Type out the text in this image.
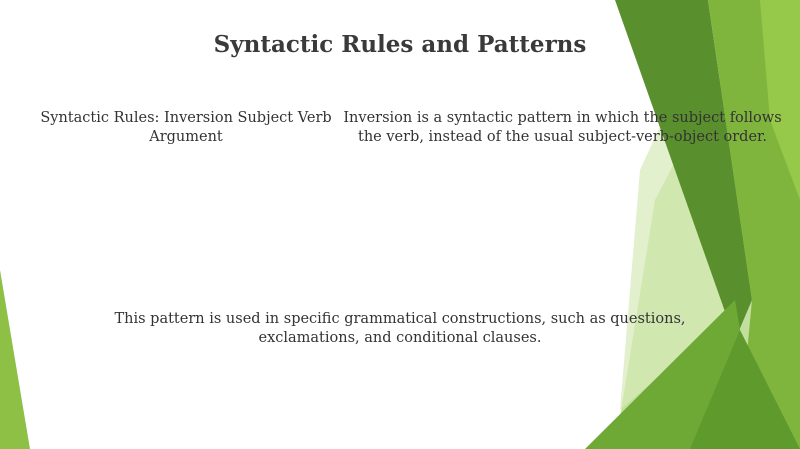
Syntactic Rules and Patterns
Syntactic Rules: Inversion Subject Verb Argument
Inversion is a syntactic pattern in which the subject follows the verb, instead of the usual subject-verb-object order.
This pattern is used in specific grammatical constructions, such as questions, exclamations, and conditional clauses.
